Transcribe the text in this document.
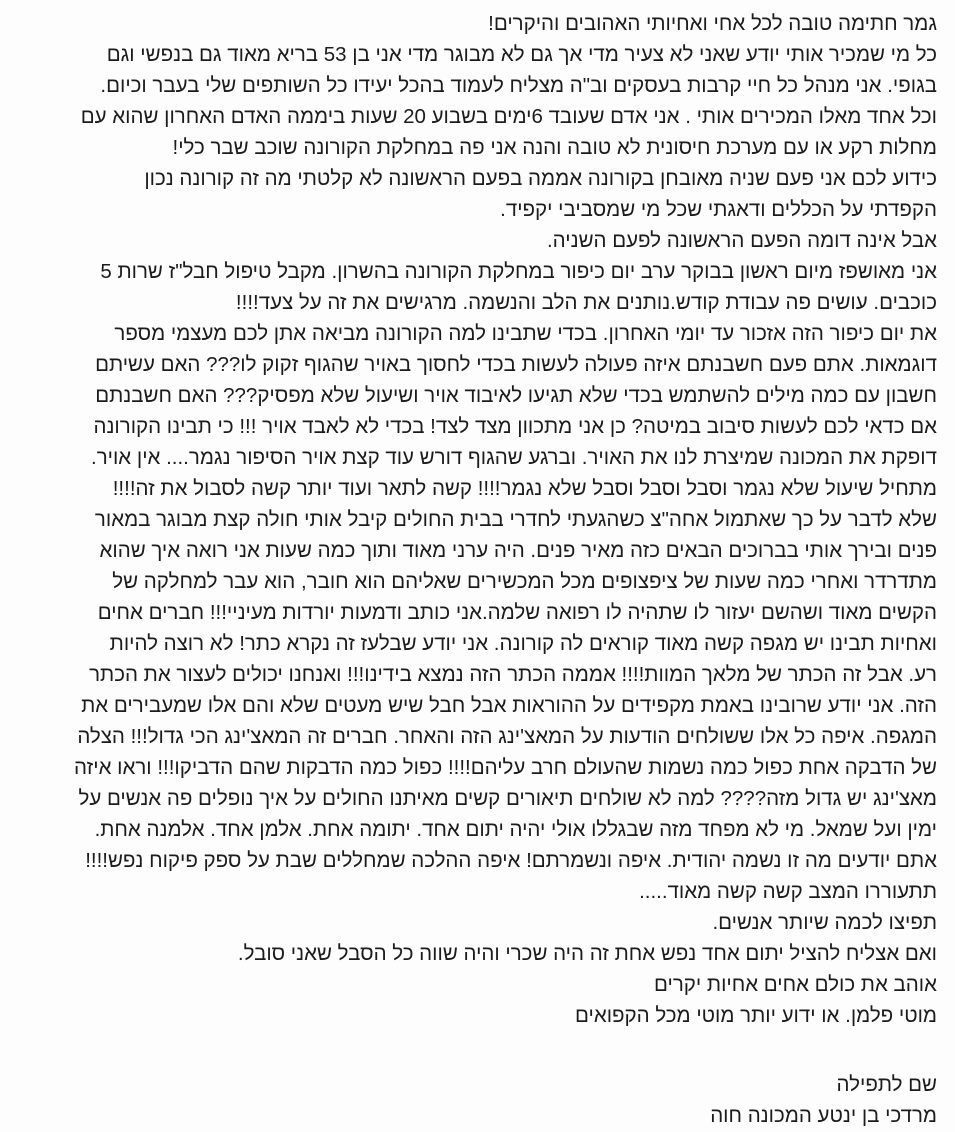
גמר חתימה טובה לכל אחי ואחיותי האהובים והיקרים!
כל מי שמכיר אותי יודע שאני לא צעיר מדי אך גם לא מבוגר מדי אני בן 53 בריא מאוד גם בנפשי וגם
בגופי. אני מנהל כל חיי קרבות בעסקים וב"ה מצליח לעמוד בהכל יעידו כל השותפים שלי בעבר וכיום.
וכל אחד מאלו המכירים אותי . אני אדם שעובד 6ימים בשבוע 20 שעות ביממה האדם האחרון שהוא עם
מחלות רקע או עם מערכת חיסונית לא טובה והנה אני פה במחלקת הקורונה שוכב שבר כלי!
כידוע לכם אני פעם שניה מאובחן בקורונה אממה בפעם הראשונה לא קלטתי מה זה קורונה נכון
הקפדתי על הכללים ודאגתי שכל מי שמסביבי יקפיד.
אבל אינה דומה הפעם הראשונה לפעם השניה.
אני מאושפז מיום ראשון בבוקר ערב יום כיפור במחלקת הקורונה בהשרון. מקבל טיפול חבל"ז שרות 5
כוכבים. עושים פה עבודת קודש.נותנים את הלב והנשמה. מרגישים את זה על צעד!!!!
את יום כיפור הזה אזכור עד יומי האחרון. בכדי שתבינו למה הקורונה מביאה אתן לכם מעצמי מספר
דוגמאות. אתם פעם חשבנתם איזה פעולה לעשות בכדי לחסוך באויר שהגוף זקוק לו??? האם עשיתם
חשבון עם כמה מילים להשתמש בכדי שלא תגיעו לאיבוד אויר ושיעול שלא מפסיק??? האם חשבנתם
אם כדאי לכם לעשות סיבוב במיטה? כן אני מתכוון מצד לצד! בכדי לא לאבד אויר !!! כי תבינו הקורונה
דופקת את המכונה שמיצרת לנו את האויר. וברגע שהגוף דורש עוד קצת אויר הסיפור נגמר.... אין אויר.
מתחיל שיעול שלא נגמר וסבל וסבל וסבל שלא נגמר!!!! קשה לתאר ועוד יותר קשה לסבול את זה!!!!
שלא לדבר על כך שאתמול אחה"צ כשהגעתי לחדרי בבית החולים קיבל אותי חולה קצת מבוגר במאור
פנים ובירך אותי בברוכים הבאים כזה מאיר פנים. היה ערני מאוד ותוך כמה שעות אני רואה איך שהוא
מתדרדר ואחרי כמה שעות של ציפצופים מכל המכשירים שאליהם הוא חובר, הוא עבר למחלקה של
הקשים מאוד ושהשם יעזור לו שתהיה לו רפואה שלמה.אני כותב ודמעות יורדות מעיניי!!! חברים אחים
ואחיות תבינו יש מגפה קשה מאוד קוראים לה קורונה. אני יודע שבלעז זה נקרא כתר! לא רוצה להיות
רע. אבל זה הכתר של מלאך המוות!!!! אממה הכתר הזה נמצא בידינו!!! ואנחנו יכולים לעצור את הכתר
הזה. אני יודע שרובינו באמת מקפידים על ההוראות אבל חבל שיש מעטים שלא והם אלו שמעבירים את
המגפה. איפה כל אלו ששולחים הודעות על המאצ'ינג הזה והאחר. חברים זה המאצ'ינג הכי גדול!!! הצלה
של הדבקה אחת כפול כמה נשמות שהעולם חרב עליהם!!!! כפול כמה הדבקות שהם הדביקו!!! וראו איזה
מאצ'ינג יש גדול מזה???? למה לא שולחים תיאורים קשים מאיתנו החולים על איך נופלים פה אנשים על
ימין ועל שמאל. מי לא מפחד מזה שבגללו אולי יהיה יתום אחד. יתומה אחת. אלמן אחד. אלמנה אחת.
אתם יודעים מה זו נשמה יהודית. איפה ונשמרתם! איפה ההלכה שמחללים שבת על ספק פיקוח נפש!!!!
תתעוררו המצב קשה קשה מאוד.....
תפיצו לכמה שיותר אנשים.
ואם אצליח להציל יתום אחד נפש אחת זה היה שכרי והיה שווה כל הסבל שאני סובל.
אוהב את כולם אחים אחיות יקרים
מוטי פלמן. או ידוע יותר מוטי מכל הקפואים
שם לתפילה
מרדכי בן ינטע המכונה חוה
